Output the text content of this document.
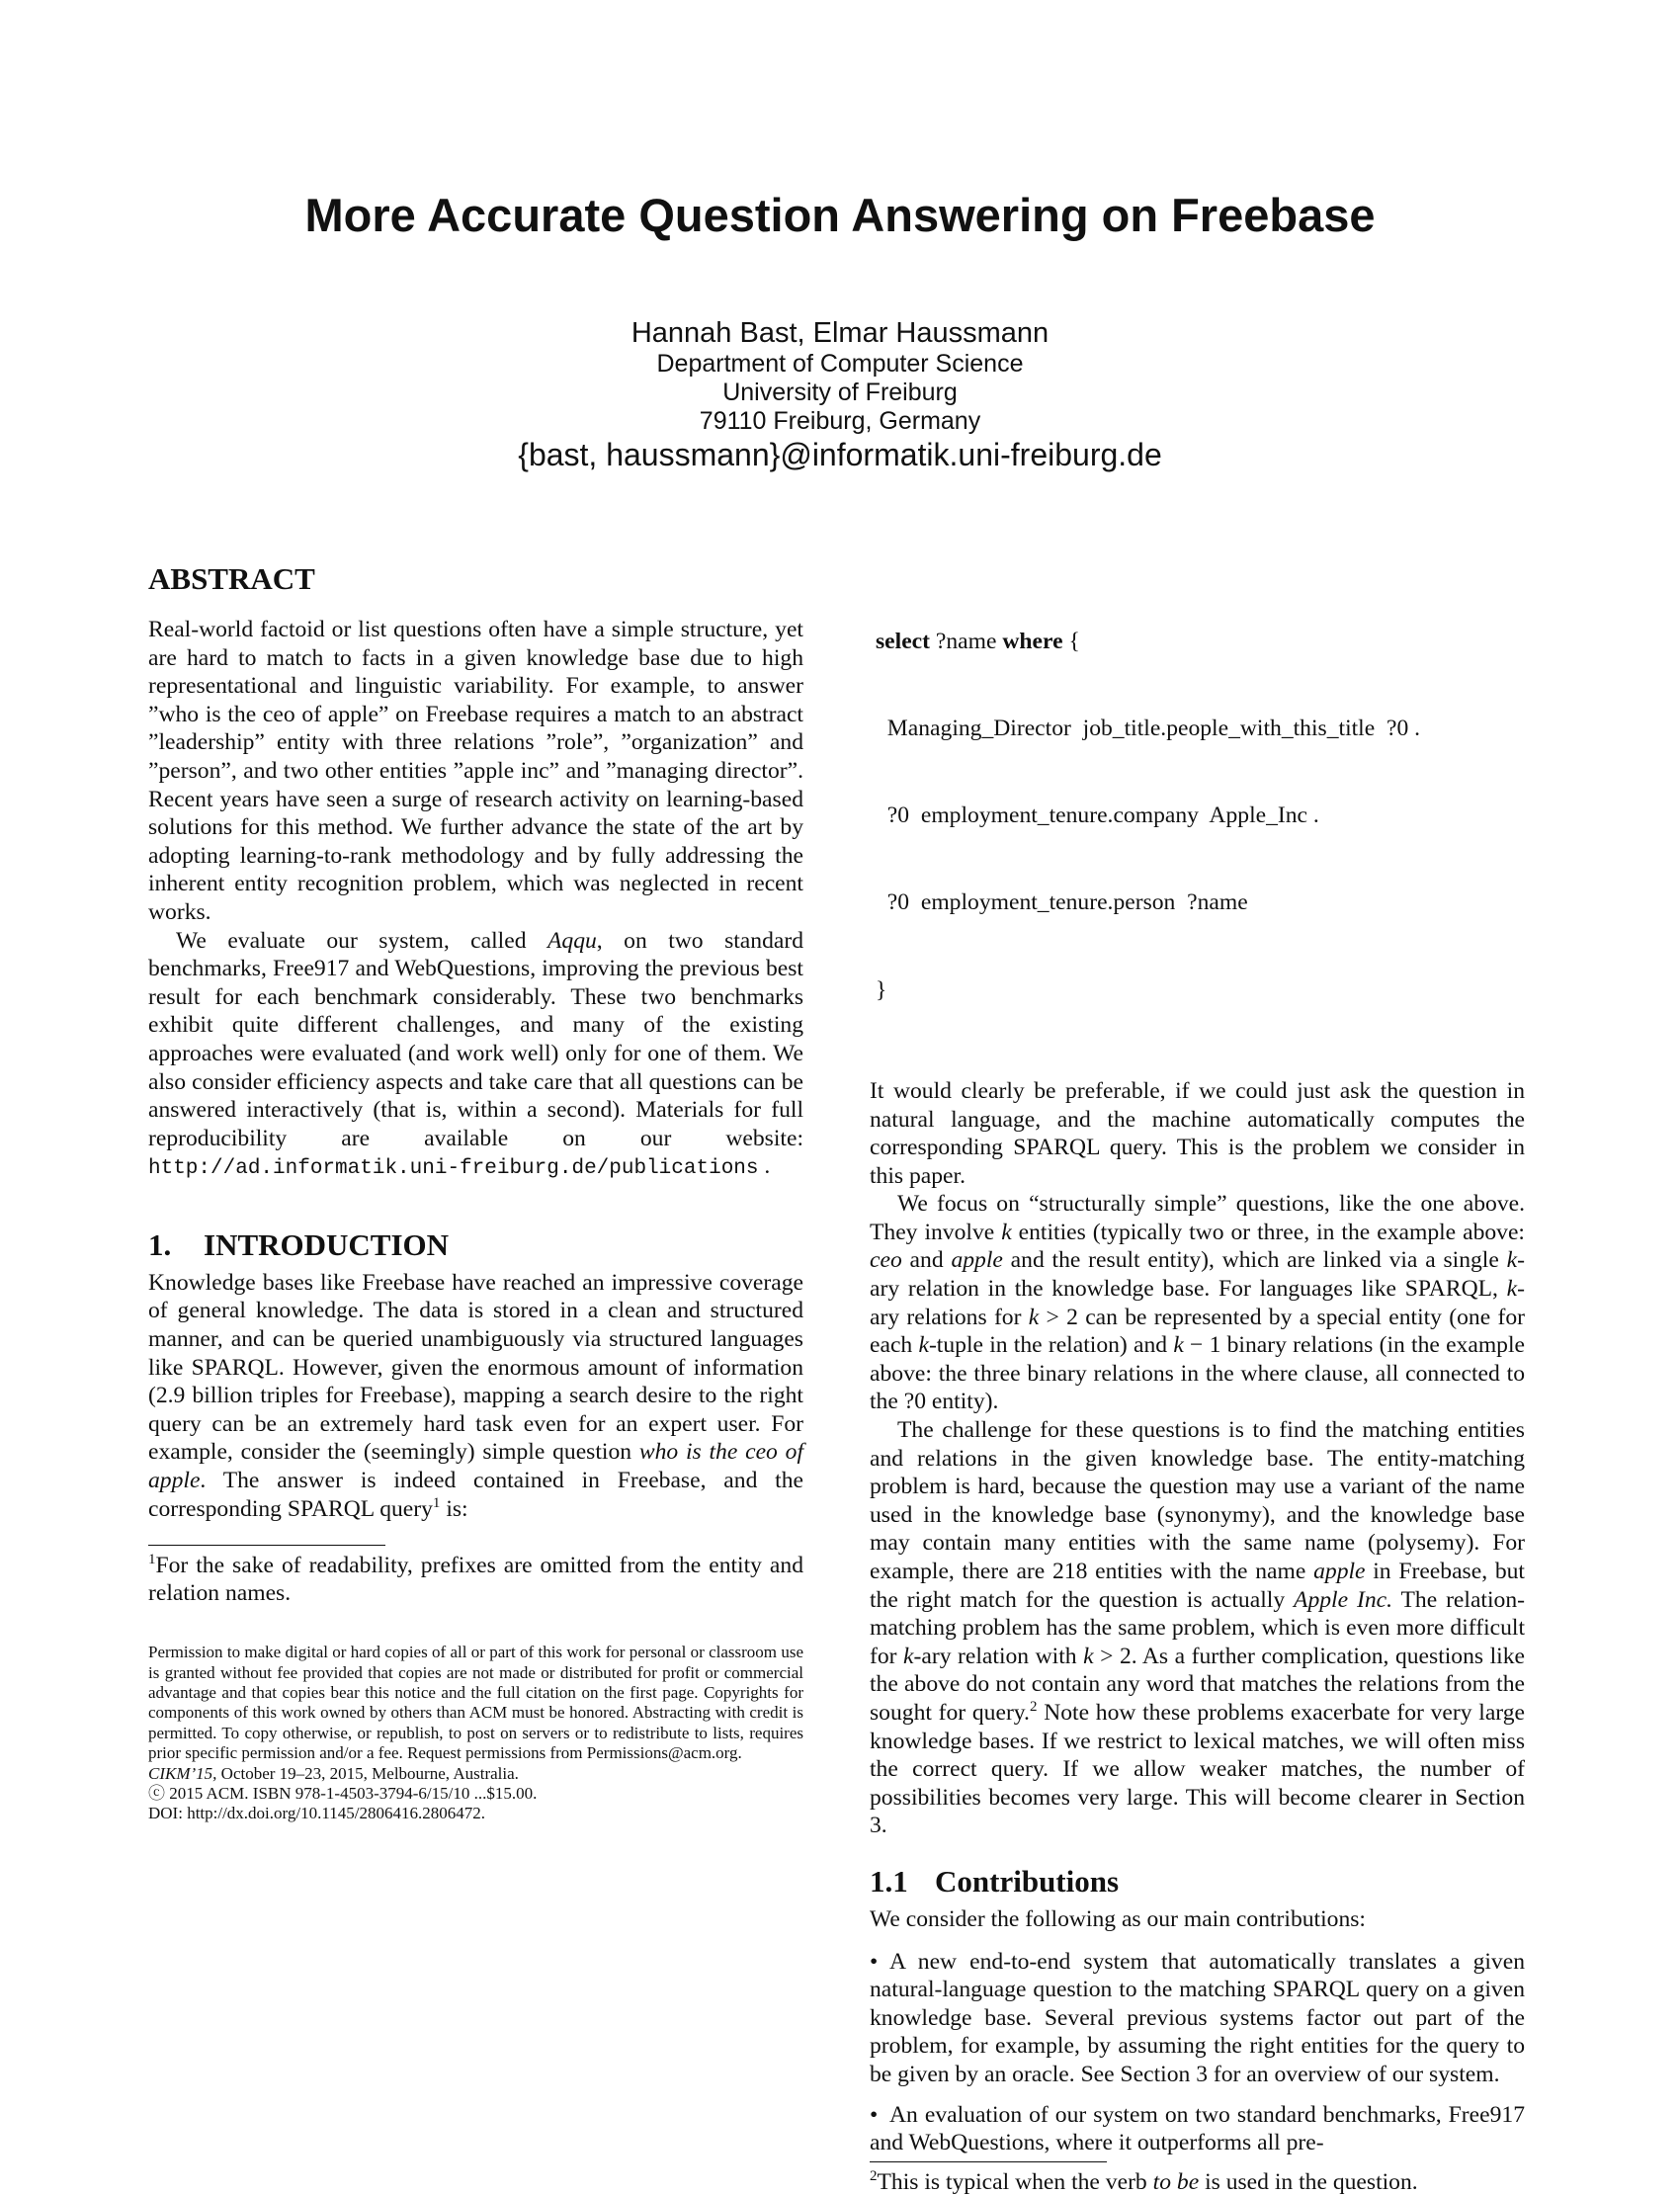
More Accurate Question Answering on Freebase
Hannah Bast, Elmar Haussmann
Department of Computer Science
University of Freiburg
79110 Freiburg, Germany
{bast, haussmann}@informatik.uni-freiburg.de
ABSTRACT
Real-world factoid or list questions often have a simple structure, yet are hard to match to facts in a given knowledge base due to high representational and linguistic variability. For example, to answer ”who is the ceo of apple” on Freebase requires a match to an abstract ”leadership” entity with three relations ”role”, ”organization” and ”person”, and two other entities ”apple inc” and ”managing director”. Recent years have seen a surge of research activity on learning-based solutions for this method. We further advance the state of the art by adopting learning-to-rank methodology and by fully addressing the inherent entity recognition problem, which was neglected in recent works.
We evaluate our system, called Aqqu, on two standard benchmarks, Free917 and WebQuestions, improving the previous best result for each benchmark considerably. These two benchmarks exhibit quite different challenges, and many of the existing approaches were evaluated (and work well) only for one of them. We also consider efficiency aspects and take care that all questions can be answered interactively (that is, within a second). Materials for full reproducibility are available on our website: http://ad.informatik.uni-freiburg.de/publications .
1. INTRODUCTION
Knowledge bases like Freebase have reached an impressive coverage of general knowledge. The data is stored in a clean and structured manner, and can be queried unambiguously via structured languages like SPARQL. However, given the enormous amount of information (2.9 billion triples for Freebase), mapping a search desire to the right query can be an extremely hard task even for an expert user. For example, consider the (seemingly) simple question who is the ceo of apple. The answer is indeed contained in Freebase, and the corresponding SPARQL query$^1$ is:
$^1$For the sake of readability, prefixes are omitted from the entity and relation names.
Permission to make digital or hard copies of all or part of this work for personal or classroom use is granted without fee provided that copies are not made or distributed for profit or commercial advantage and that copies bear this notice and the full citation on the first page. Copyrights for components of this work owned by others than ACM must be honored. Abstracting with credit is permitted. To copy otherwise, or republish, to post on servers or to redistribute to lists, requires prior specific permission and/or a fee. Request permissions from Permissions@acm.org.
CIKM’15, October 19–23, 2015, Melbourne, Australia.
ⓒ 2015 ACM. ISBN 978-1-4503-3794-6/15/10 ...$15.00.
DOI: http://dx.doi.org/10.1145/2806416.2806472.

select ?name where {

Managing_Director  job_title.people_with_this_title  ?0 .

?0  employment_tenure.company  Apple_Inc .

?0  employment_tenure.person  ?name

}

It would clearly be preferable, if we could just ask the question in natural language, and the machine automatically computes the corresponding SPARQL query. This is the problem we consider in this paper.
We focus on “structurally simple” questions, like the one above. They involve k entities (typically two or three, in the example above: ceo and apple and the result entity), which are linked via a single k-ary relation in the knowledge base. For languages like SPARQL, k-ary relations for k > 2 can be represented by a special entity (one for each k-tuple in the relation) and k − 1 binary relations (in the example above: the three binary relations in the where clause, all connected to the ?0 entity).
The challenge for these questions is to find the matching entities and relations in the given knowledge base. The entity-matching problem is hard, because the question may use a variant of the name used in the knowledge base (synonymy), and the knowledge base may contain many entities with the same name (polysemy). For example, there are 218 entities with the name apple in Freebase, but the right match for the question is actually Apple Inc. The relation-matching problem has the same problem, which is even more difficult for k-ary relation with k > 2. As a further complication, questions like the above do not contain any word that matches the relations from the sought for query.$^2$ Note how these problems exacerbate for very large knowledge bases. If we restrict to lexical matches, we will often miss the correct query. If we allow weaker matches, the number of possibilities becomes very large. This will become clearer in Section 3.
1.1 Contributions
We consider the following as our main contributions:
• A new end-to-end system that automatically translates a given natural-language question to the matching SPARQL query on a given knowledge base. Several previous systems factor out part of the problem, for example, by assuming the right entities for the query to be given by an oracle. See Section 3 for an overview of our system.
• An evaluation of our system on two standard benchmarks, Free917 and WebQuestions, where it outperforms all pre-
$^2$This is typical when the verb to be is used in the question.
